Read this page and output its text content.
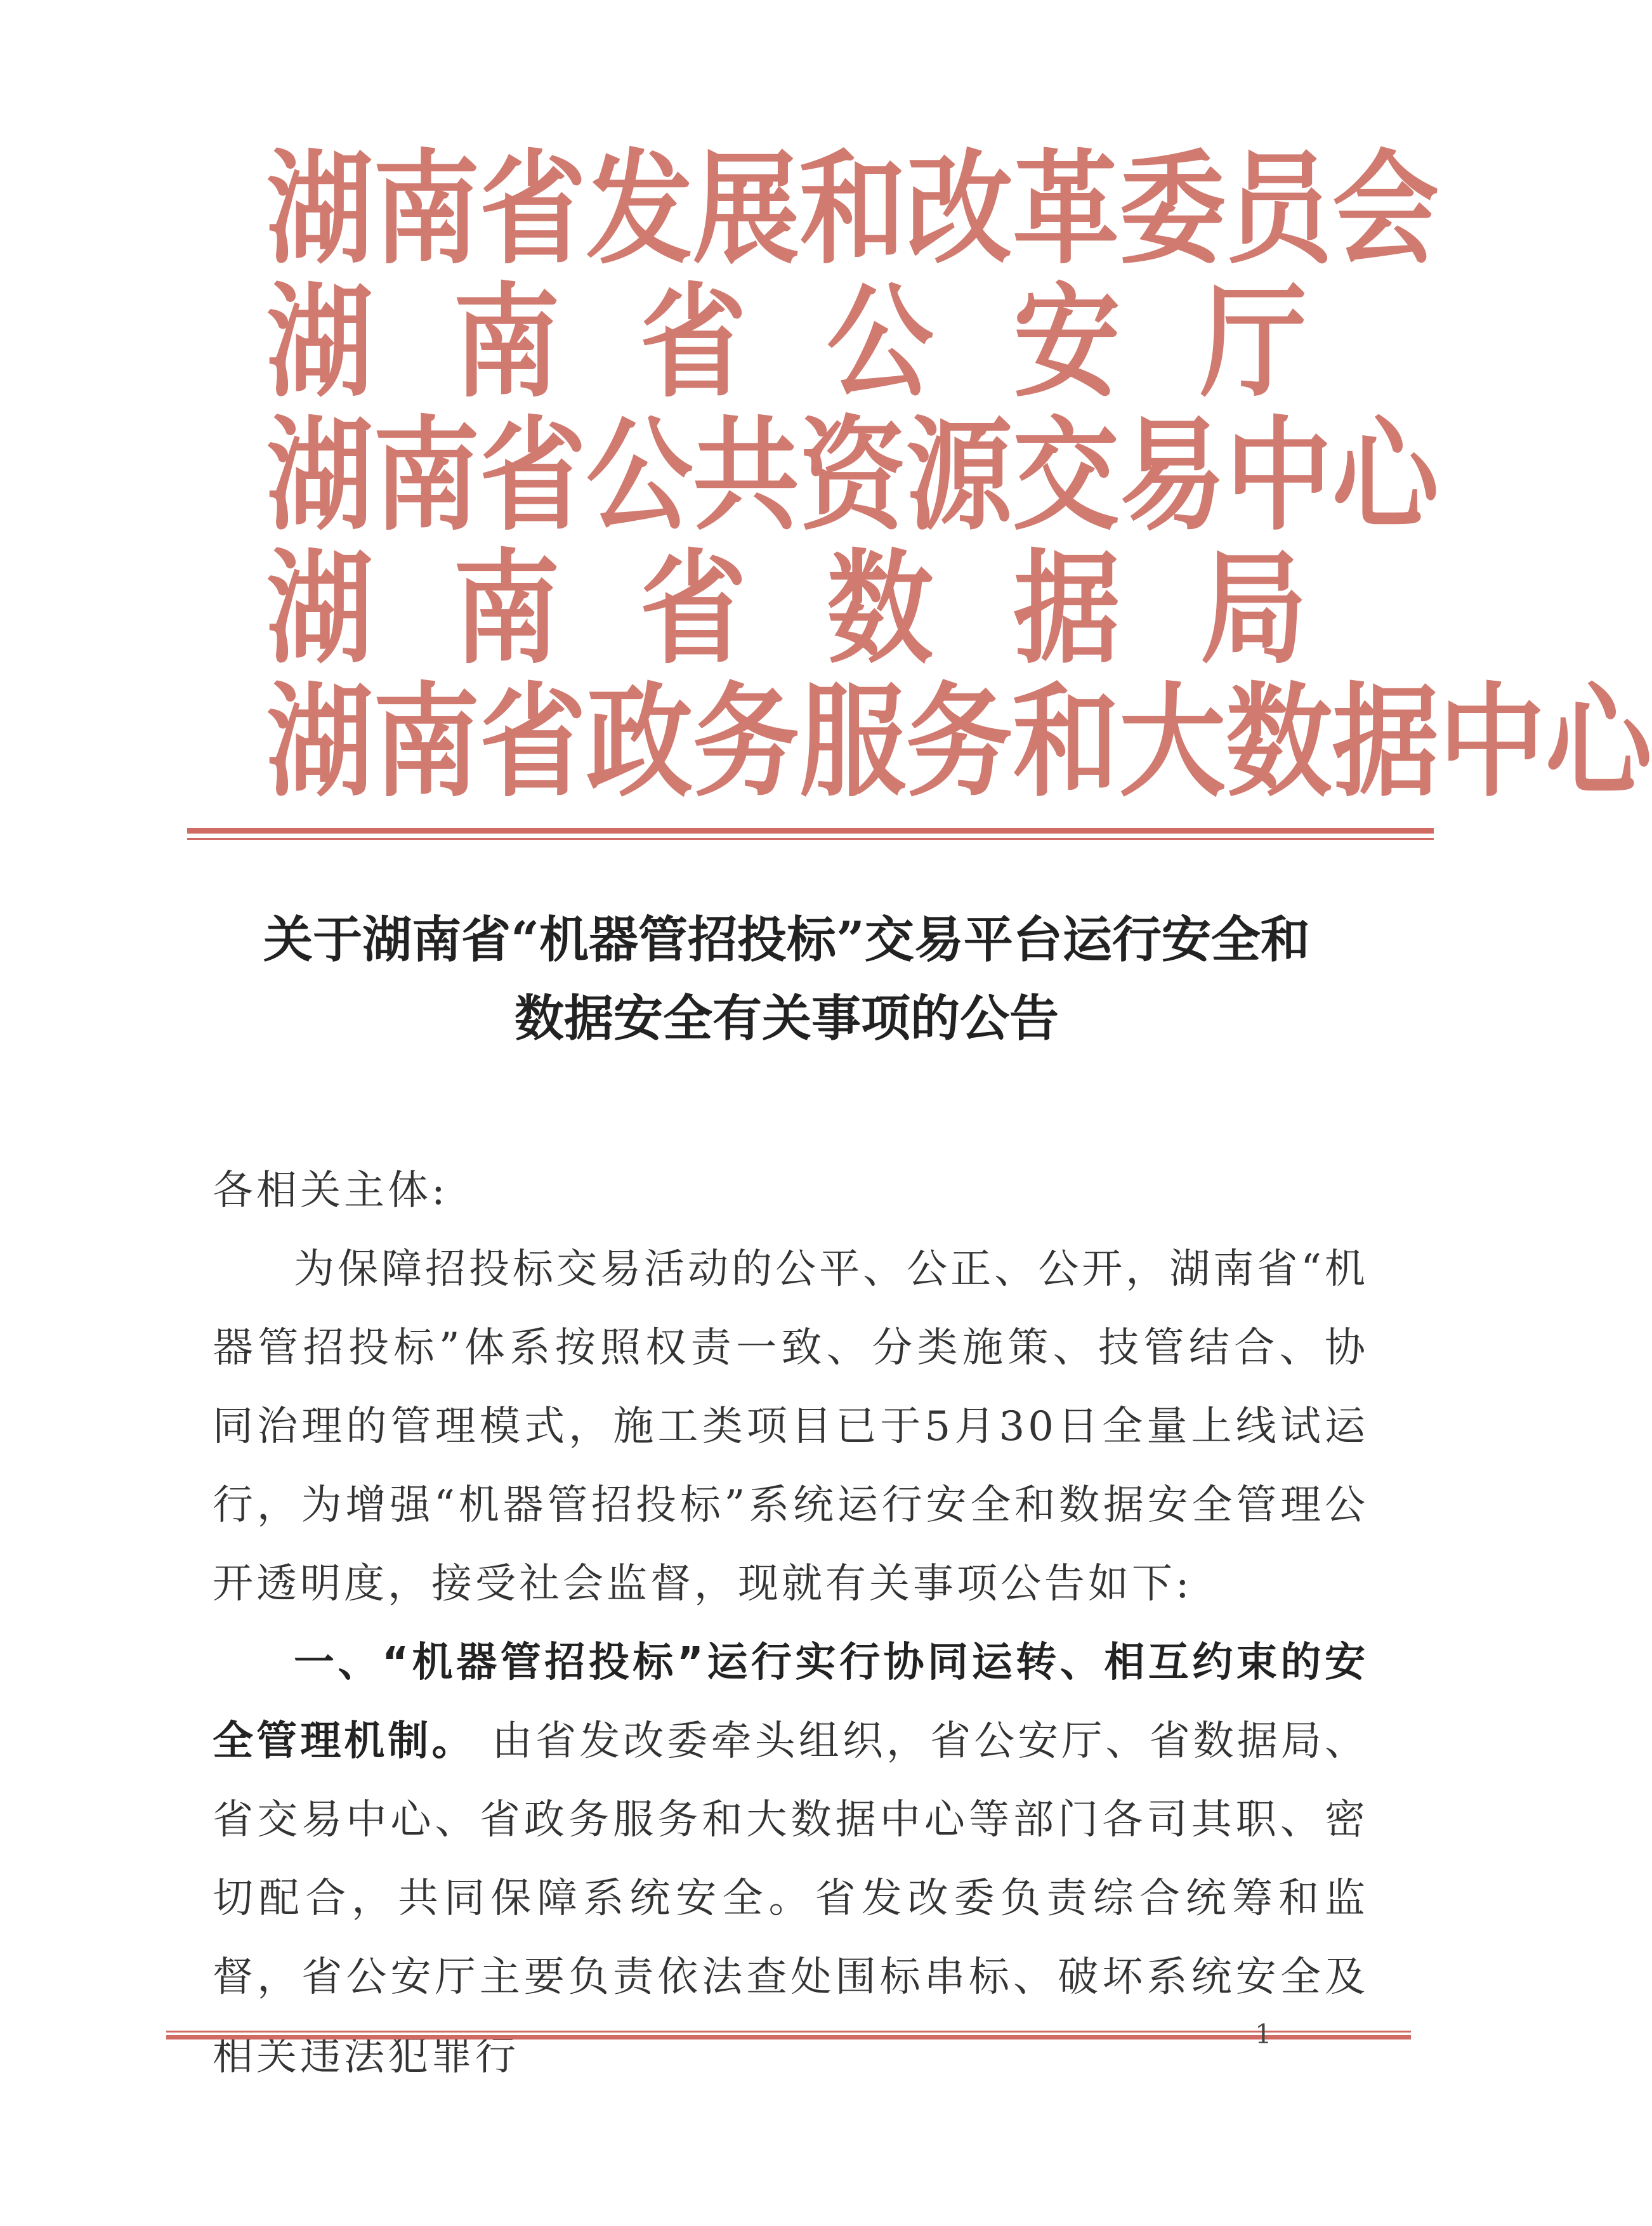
湖 南 省 发 展 和 改 革 委 员 会
湖 南 省 公 安 厅
湖 南 省 公 共 资 源 交 易 中 心
湖 南 省 数 据 局
湖 南 省 政 务 服 务 和 大 数 据 中 心
关于湖南省“机器管招投标”交易平台运行安全和
数据安全有关事项的公告

各相关主体:

为保障招投标交易活动的公平、公正、公开，湖南省“机器管招投标”体系按照权责一致、分类施策、技管结合、协同治理的管理模式，施工类项目已于5月30日全量上线试运行，为增强“机器管招投标”系统运行安全和数据安全管理公开透明度，接受社会监督，现就有关事项公告如下:

一、“机器管招投标”运行实行协同运转、相互约束的安全管理机制。 由省发改委牵头组织，省公安厅、省数据局、省交易中心、省政务服务和大数据中心等部门各司其职、密切配合，共同保障系统安全。省发改委负责综合统筹和监督，省公安厅主要负责依法查处围标串标、破坏系统安全及相关违法犯罪行	1
